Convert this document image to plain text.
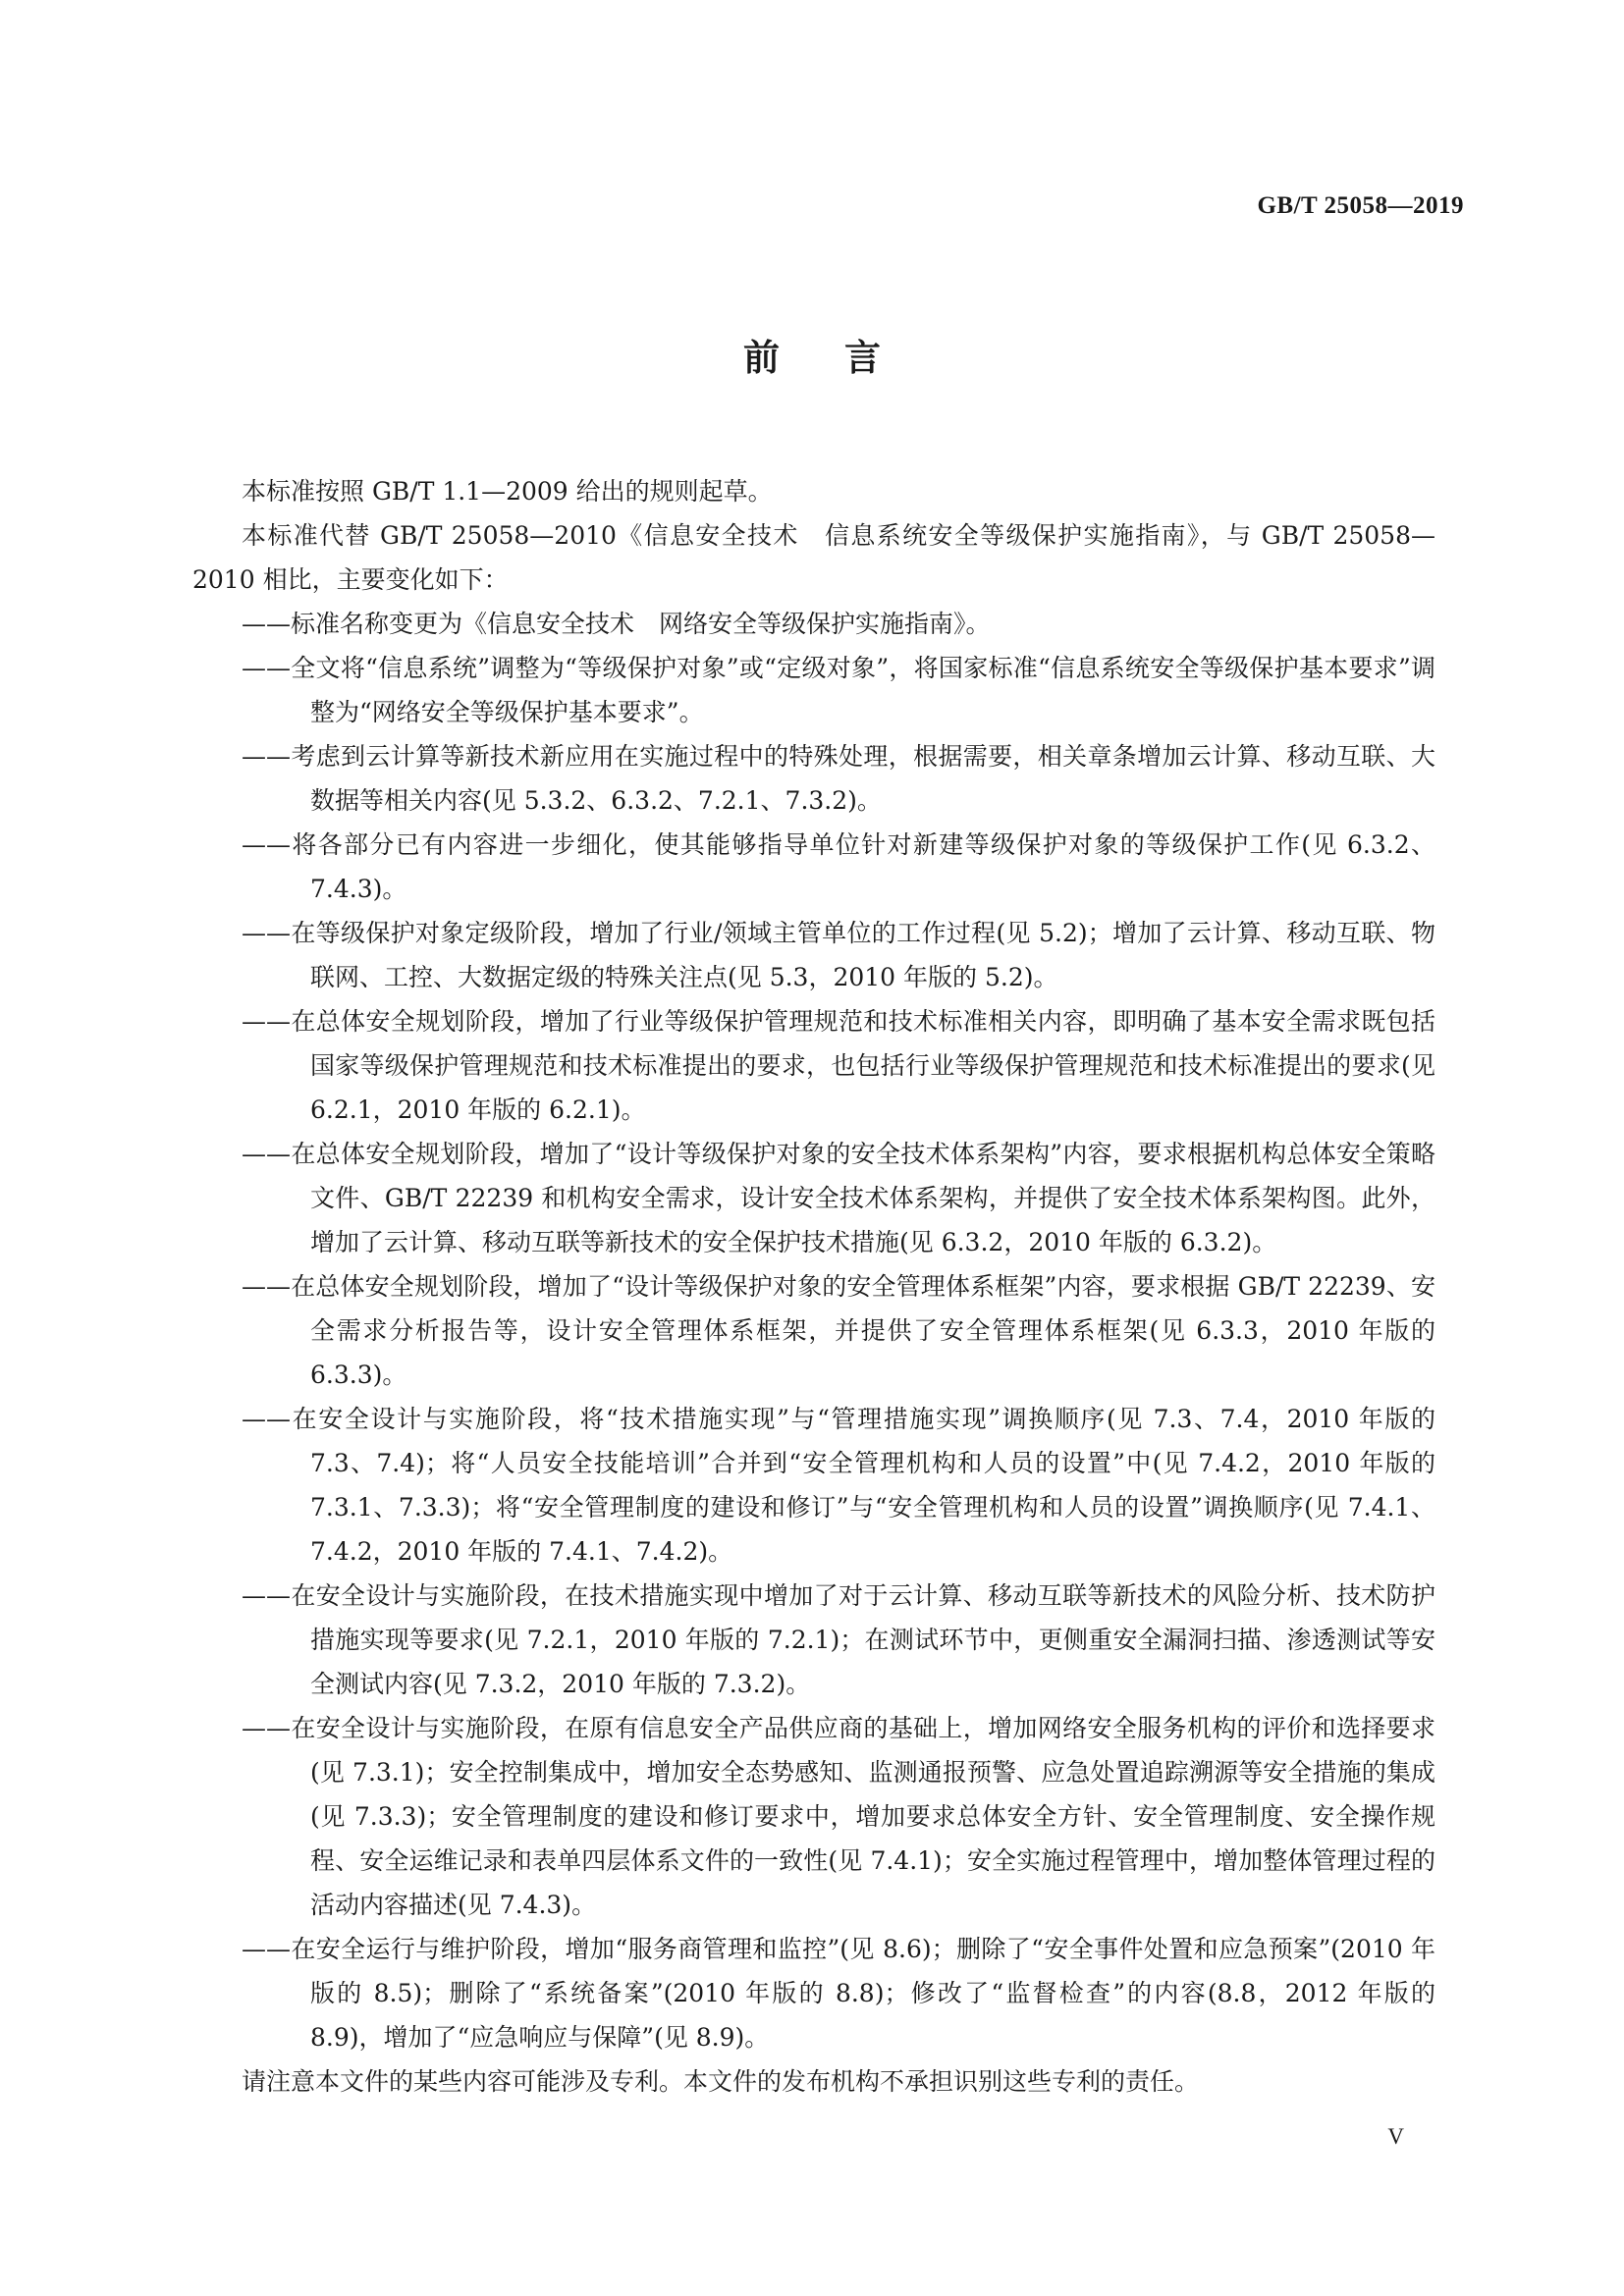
GB/T 25058—2019
前言

本标准按照 GB/T 1.1—2009 给出的规则起草。

本标准代替 GB/T 25058—2010《信息安全技术　信息系统安全等级保护实施指南》，与 GB/T 25058—2010 相比，主要变化如下：

——标准名称变更为《信息安全技术　网络安全等级保护实施指南》。

——全文将“信息系统”调整为“等级保护对象”或“定级对象”，将国家标准“信息系统安全等级保护基本要求”调整为“网络安全等级保护基本要求”。

——考虑到云计算等新技术新应用在实施过程中的特殊处理，根据需要，相关章条增加云计算、移动互联、大数据等相关内容(见 5.3.2、6.3.2、7.2.1、7.3.2)。

——将各部分已有内容进一步细化，使其能够指导单位针对新建等级保护对象的等级保护工作(见 6.3.2、7.4.3)。

——在等级保护对象定级阶段，增加了行业/领域主管单位的工作过程(见 5.2)；增加了云计算、移动互联、物联网、工控、大数据定级的特殊关注点(见 5.3，2010 年版的 5.2)。

——在总体安全规划阶段，增加了行业等级保护管理规范和技术标准相关内容，即明确了基本安全需求既包括国家等级保护管理规范和技术标准提出的要求，也包括行业等级保护管理规范和技术标准提出的要求(见 6.2.1，2010 年版的 6.2.1)。

——在总体安全规划阶段，增加了“设计等级保护对象的安全技术体系架构”内容，要求根据机构总体安全策略文件、GB/T 22239 和机构安全需求，设计安全技术体系架构，并提供了安全技术体系架构图。此外，增加了云计算、移动互联等新技术的安全保护技术措施(见 6.3.2，2010 年版的 6.3.2)。

——在总体安全规划阶段，增加了“设计等级保护对象的安全管理体系框架”内容，要求根据 GB/T 22239、安全需求分析报告等，设计安全管理体系框架，并提供了安全管理体系框架(见 6.3.3，2010 年版的 6.3.3)。

——在安全设计与实施阶段，将“技术措施实现”与“管理措施实现”调换顺序(见 7.3、7.4，2010 年版的 7.3、7.4)；将“人员安全技能培训”合并到“安全管理机构和人员的设置”中(见 7.4.2，2010 年版的 7.3.1、7.3.3)；将“安全管理制度的建设和修订”与“安全管理机构和人员的设置”调换顺序(见 7.4.1、7.4.2，2010 年版的 7.4.1、7.4.2)。

——在安全设计与实施阶段，在技术措施实现中增加了对于云计算、移动互联等新技术的风险分析、技术防护措施实现等要求(见 7.2.1，2010 年版的 7.2.1)；在测试环节中，更侧重安全漏洞扫描、渗透测试等安全测试内容(见 7.3.2，2010 年版的 7.3.2)。

——在安全设计与实施阶段，在原有信息安全产品供应商的基础上，增加网络安全服务机构的评价和选择要求(见 7.3.1)；安全控制集成中，增加安全态势感知、监测通报预警、应急处置追踪溯源等安全措施的集成(见 7.3.3)；安全管理制度的建设和修订要求中，增加要求总体安全方针、安全管理制度、安全操作规程、安全运维记录和表单四层体系文件的一致性(见 7.4.1)；安全实施过程管理中，增加整体管理过程的活动内容描述(见 7.4.3)。

——在安全运行与维护阶段，增加“服务商管理和监控”(见 8.6)；删除了“安全事件处置和应急预案”(2010 年版的 8.5)；删除了“系统备案”(2010 年版的 8.8)；修改了“监督检查”的内容(8.8，2012 年版的 8.9)，增加了“应急响应与保障”(见 8.9)。

请注意本文件的某些内容可能涉及专利。本文件的发布机构不承担识别这些专利的责任。

V
